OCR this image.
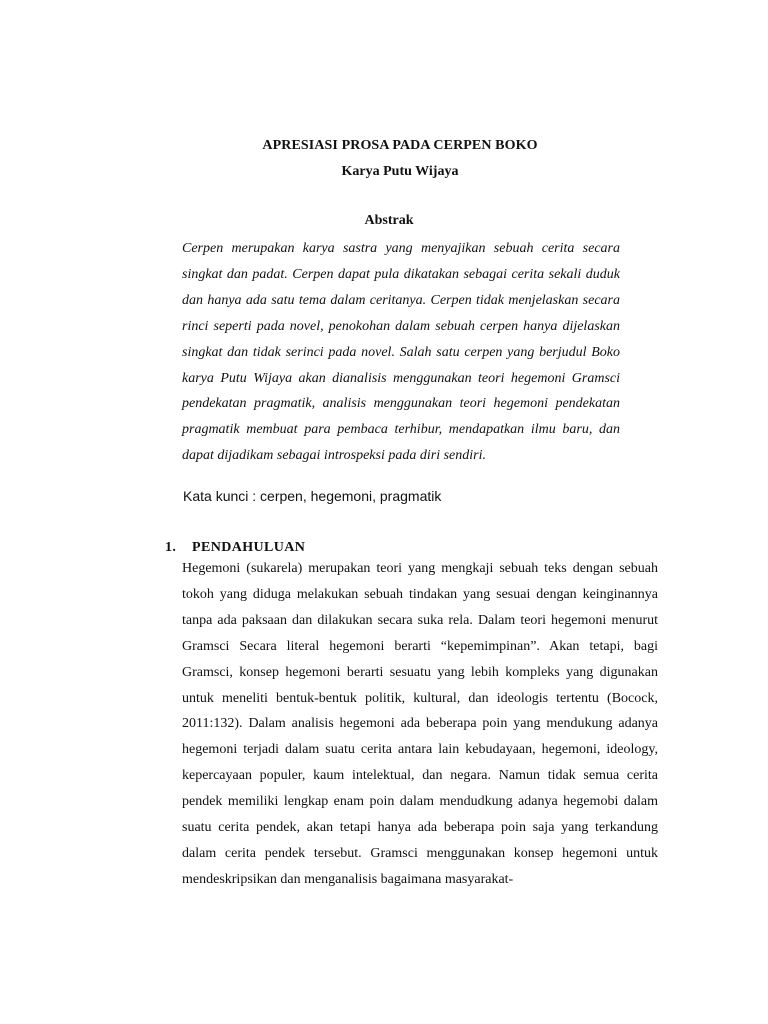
APRESIASI PROSA PADA CERPEN BOKO
Karya Putu Wijaya
Abstrak
Cerpen merupakan karya sastra yang menyajikan sebuah cerita secara singkat dan padat. Cerpen dapat pula dikatakan sebagai cerita sekali duduk dan hanya ada satu tema dalam ceritanya. Cerpen tidak menjelaskan secara rinci seperti pada novel, penokohan dalam sebuah cerpen hanya dijelaskan singkat dan tidak serinci pada novel. Salah satu cerpen yang berjudul Boko karya Putu Wijaya akan dianalisis menggunakan teori hegemoni Gramsci pendekatan pragmatik, analisis menggunakan teori hegemoni pendekatan pragmatik membuat para pembaca terhibur, mendapatkan ilmu baru, dan dapat dijadikam sebagai introspeksi pada diri sendiri.
Kata kunci : cerpen, hegemoni, pragmatik
1. PENDAHULUAN
Hegemoni (sukarela) merupakan teori yang mengkaji sebuah teks dengan sebuah tokoh yang diduga melakukan sebuah tindakan yang sesuai dengan keinginannya tanpa ada paksaan dan dilakukan secara suka rela. Dalam teori hegemoni menurut Gramsci Secara literal hegemoni berarti “kepemimpinan”. Akan tetapi, bagi Gramsci, konsep hegemoni berarti sesuatu yang lebih kompleks yang digunakan untuk meneliti bentuk-bentuk politik, kultural, dan ideologis tertentu (Bocock, 2011:132). Dalam analisis hegemoni ada beberapa poin yang mendukung adanya hegemoni terjadi dalam suatu cerita antara lain kebudayaan, hegemoni, ideology, kepercayaan populer, kaum intelektual, dan negara. Namun tidak semua cerita pendek memiliki lengkap enam poin dalam mendudkung adanya hegemobi dalam suatu cerita pendek, akan tetapi hanya ada beberapa poin saja yang terkandung dalam cerita pendek tersebut. Gramsci menggunakan konsep hegemoni untuk mendeskripsikan dan menganalisis bagaimana masyarakat-
